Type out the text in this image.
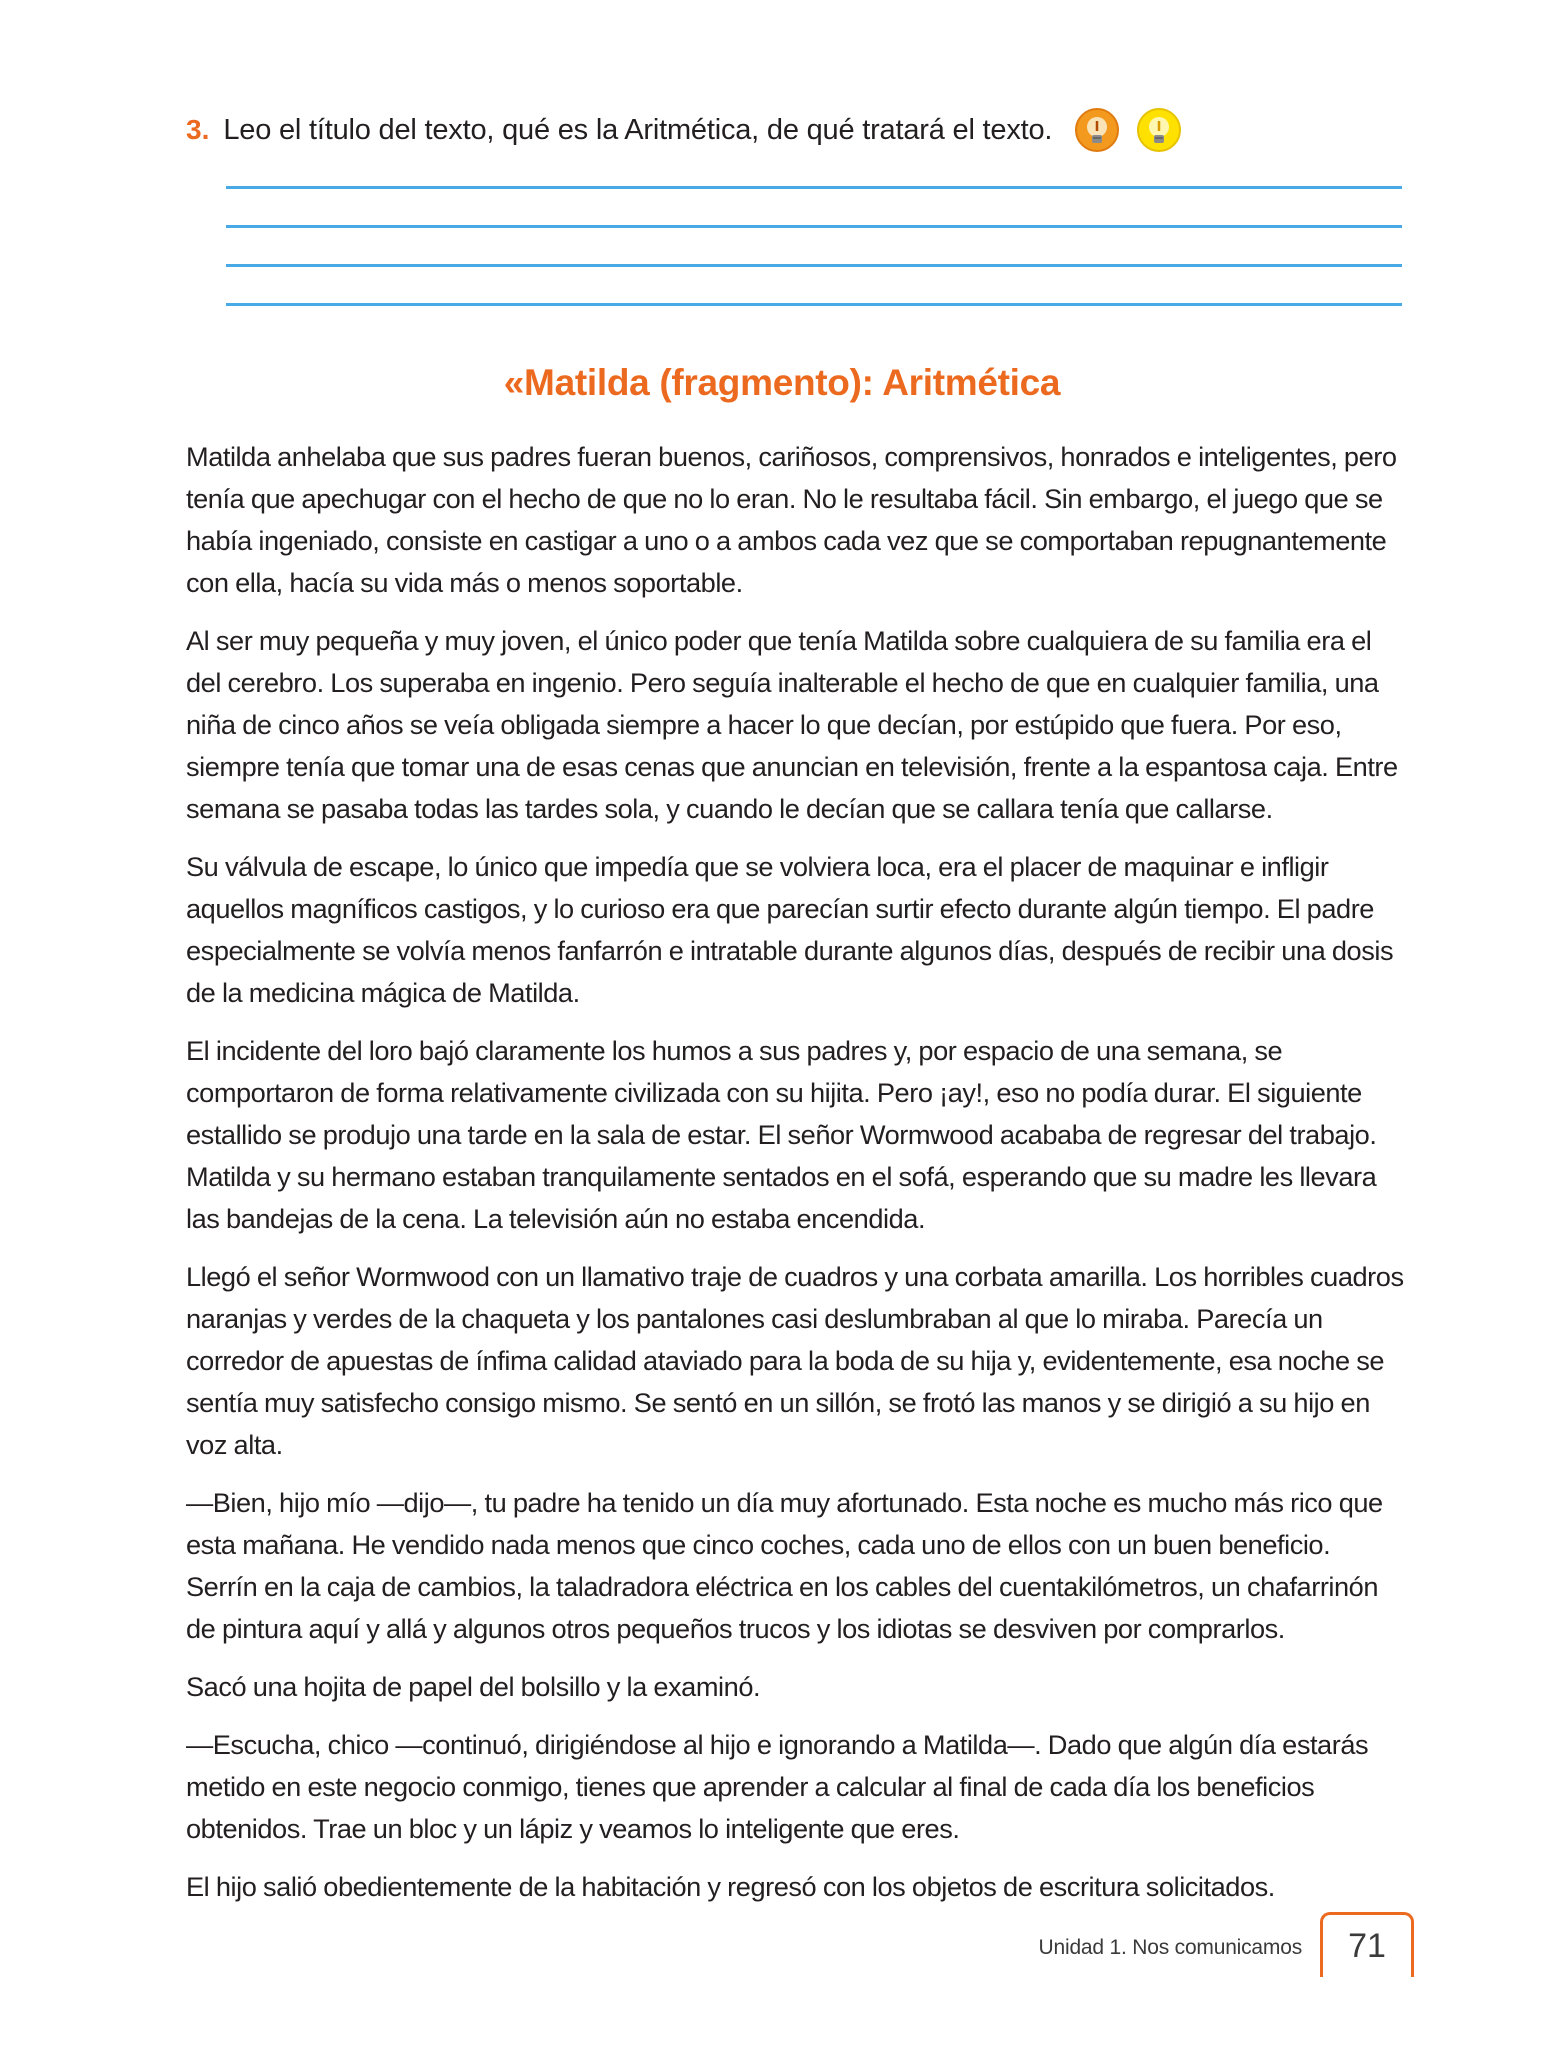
3. Leo el título del texto, qué es la Aritmética, de qué tratará el texto.
«Matilda (fragmento): Aritmética

Matilda anhelaba que sus padres fueran buenos, cariñosos, comprensivos, honrados e inteligentes, pero tenía que apechugar con el hecho de que no lo eran. No le resultaba fácil. Sin embargo, el juego que se había ingeniado, consiste en castigar a uno o a ambos cada vez que se comportaban repugnantemente con ella, hacía su vida más o menos soportable.

Al ser muy pequeña y muy joven, el único poder que tenía Matilda sobre cualquiera de su familia era el del cerebro. Los superaba en ingenio. Pero seguía inalterable el hecho de que en cualquier familia, una niña de cinco años se veía obligada siempre a hacer lo que decían, por estúpido que fuera. Por eso, siempre tenía que tomar una de esas cenas que anuncian en televisión, frente a la espantosa caja. Entre semana se pasaba todas las tardes sola, y cuando le decían que se callara tenía que callarse.

Su válvula de escape, lo único que impedía que se volviera loca, era el placer de maquinar e infligir aquellos magníficos castigos, y lo curioso era que parecían surtir efecto durante algún tiempo. El padre especialmente se volvía menos fanfarrón e intratable durante algunos días, después de recibir una dosis de la medicina mágica de Matilda.

El incidente del loro bajó claramente los humos a sus padres y, por espacio de una semana, se comportaron de forma relativamente civilizada con su hijita. Pero ¡ay!, eso no podía durar. El siguiente estallido se produjo una tarde en la sala de estar. El señor Wormwood acababa de regresar del trabajo. Matilda y su hermano estaban tranquilamente sentados en el sofá, esperando que su madre les llevara las bandejas de la cena. La televisión aún no estaba encendida.

Llegó el señor Wormwood con un llamativo traje de cuadros y una corbata amarilla. Los horribles cuadros naranjas y verdes de la chaqueta y los pantalones casi deslumbraban al que lo miraba. Parecía un corredor de apuestas de ínfima calidad ataviado para la boda de su hija y, evidentemente, esa noche se sentía muy satisfecho consigo mismo. Se sentó en un sillón, se frotó las manos y se dirigió a su hijo en voz alta.

—Bien, hijo mío —dijo—, tu padre ha tenido un día muy afortunado. Esta noche es mucho más rico que esta mañana. He vendido nada menos que cinco coches, cada uno de ellos con un buen beneficio. Serrín en la caja de cambios, la taladradora eléctrica en los cables del cuentakilómetros, un chafarrinón de pintura aquí y allá y algunos otros pequeños trucos y los idiotas se desviven por comprarlos.

Sacó una hojita de papel del bolsillo y la examinó.

—Escucha, chico —continuó, dirigiéndose al hijo e ignorando a Matilda—. Dado que algún día estarás metido en este negocio conmigo, tienes que aprender a calcular al final de cada día los beneficios obtenidos. Trae un bloc y un lápiz y veamos lo inteligente que eres.

El hijo salió obedientemente de la habitación y regresó con los objetos de escritura solicitados.

Unidad 1. Nos comunicamos	71
